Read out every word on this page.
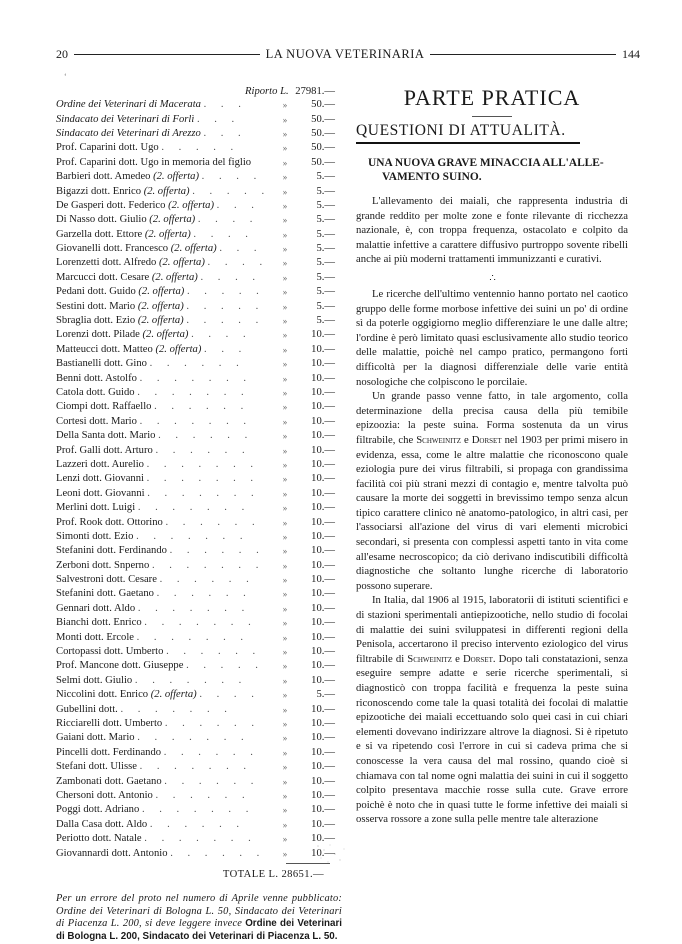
20	LA NUOVA VETERINARIA	144
‘
Riporto L. 27981.—
Ordine dei Veterinari di Macerata . . .	»	50.—
Sindacato dei Veterinari di Forlì . . .	»	50.—
Sindacato dei Veterinari di Arezzo . . .	»	50.—
Prof. Caparini dott. Ugo . . . . .	»	50.—
Prof. Caparini dott. Ugo in memoria del figlio	»	50.—
Barbieri dott. Amedeo (2. offerta) . . . .	»	5.—
Bigazzi dott. Enrico (2. offerta) . . . . .	»	5.—
De Gasperi dott. Federico (2. offerta) . . .	»	5.—
Di Nasso dott. Giulio (2. offerta) . . . .	»	5.—
Garzella dott. Ettore (2. offerta) . . . .	»	5.—
Giovanelli dott. Francesco (2. offerta) . . .	»	5.—
Lorenzetti dott. Alfredo (2. offerta) . . . .	»	5.—
Marcucci dott. Cesare (2. offerta) . . . .	»	5.—
Pedani dott. Guido (2. offerta) . . . . .	»	5.—
Sestini dott. Mario (2. offerta) . . . . .	»	5.—
Sbraglia dott. Ezio (2. offerta) . . . . .	»	5.—
Lorenzi dott. Pilade (2. offerta) . . . .	»	10.—
Matteucci dott. Matteo (2. offerta) . . .	»	10.—
Bastianelli dott. Gino . . . . . .	»	10.—
Benni dott. Astolfo . . . . . . .	»	10.—
Catola dott. Guido . . . . . . .	»	10.—
Ciompi dott. Raffaello . . . . . .	»	10.—
Cortesi dott. Mario . . . . . . .	»	10.—
Della Santa dott. Mario . . . . . .	»	10.—
Prof. Galli dott. Arturo . . . . . .	»	10.—
Lazzeri dott. Aurelio . . . . . . .	»	10.—
Lenzi dott. Giovanni . . . . . . .	»	10.—
Leoni dott. Giovanni . . . . . . .	»	10.—
Merlini dott. Luigi . . . . . . .	»	10.—
Prof. Rook dott. Ottorino . . . . . .	»	10.—
Simonti dott. Ezio . . . . . . .	»	10.—
Stefanini dott. Ferdinando . . . . . .	»	10.—
Zerboni dott. Snperno . . . . . . .	»	10.—
Salvestroni dott. Cesare . . . . . .	»	10.—
Stefanini dott. Gaetano . . . . . .	»	10.—
Gennari dott. Aldo . . . . . . .	»	10.—
Bianchi dott. Enrico . . . . . . .	»	10.—
Monti dott. Ercole . . . . . . .	»	10.—
Cortopassi dott. Umberto . . . . . .	»	10.—
Prof. Mancone dott. Giuseppe . . . . .	»	10.—
Selmi dott. Giulio . . . . . . .	»	10.—
Niccolini dott. Enrico (2. offerta) . . . .	»	5.—
Gubellini dott. . . . . . . .	»	10.—
Ricciarelli dott. Umberto . . . . . .	»	10.—
Gaiani dott. Mario . . . . . . .	»	10.—
Pincelli dott. Ferdinando . . . . . .	»	10.—
Stefani dott. Ulisse . . . . . . .	»	10.—
Zambonati dott. Gaetano . . . . . .	»	10.—
Chersoni dott. Antonio . . . . . .	»	10.—
Poggi dott. Adriano . . . . . . .	»	10.—
Dalla Casa dott. Aldo . . . . . .	»	10.—
Periotto dott. Natale . . . . . . .	»	10.—
Giovannardi dott. Antonio . . . . . .	»	10.—
TOTALE L. 28651.—
Per un errore del proto nel numero di Aprile venne pubblicato: Ordine dei Veterinari di Bologna L. 50, Sindacato dei Veterinari di Piacenza L. 200, si deve leggere invece Ordine dei Veterinari di Bologna L. 200, Sindacato dei Veterinari di Piacenza L. 50.
PARTE PRATICA
QUESTIONI DI ATTUALITÀ.
UNA NUOVA GRAVE MINACCIA ALL'ALLE-
VAMENTO SUINO.

L'allevamento dei maiali, che rappresenta industria di grande reddito per molte zone e fonte rilevante di ricchezza nazionale, è, con troppa frequenza, ostacolato e colpito da malattie infettive a carattere diffusivo purtroppo sovente ribelli anche ai più moderni trattamenti immunizzanti e curativi.

∴

Le ricerche dell'ultimo ventennio hanno portato nel caotico gruppo delle forme morbose infettive dei suini un po' di ordine sì da poterle oggigiorno meglio differenziare le une dalle altre; l'ordine è però limitato quasi esclusivamente allo studio teorico delle malattie, poichè nel campo pratico, permangono forti difficoltà per la diagnosi differenziale delle varie entità nosologiche che colpiscono le porcilaie.

Un grande passo venne fatto, in tale argomento, colla determinazione della precisa causa della più temibile epizoozia: la peste suina. Forma sostenuta da un virus filtrabile, che Schweinitz e Dorset nel 1903 per primi misero in evidenza, essa, come le altre malattie che riconoscono quale eziologia pure dei virus filtrabili, si propaga con grandissima facilità coi più strani mezzi di contagio e, mentre talvolta può causare la morte dei soggetti in brevissimo tempo senza alcun tipico carattere clinico nè anatomo-patologico, in altri casi, per l'associarsi all'azione del virus di vari elementi microbici secondari, si presenta con complessi aspetti tanto in vita come all'esame necroscopico; da ciò derivano indiscutibili difficoltà diagnostiche che soltanto lunghe ricerche di laboratorio possono superare.

In Italia, dal 1906 al 1915, laboratorii di istituti scientifici e di stazioni sperimentali antiepizootiche, nello studio di focolai di malattie dei suini sviluppatesi in differenti regioni della Penisola, accertarono il preciso intervento eziologico del virus filtrabile di Schweinitz e Dorset. Dopo tali constatazioni, senza eseguire sempre adatte e serie ricerche sperimentali, si diagnosticò con troppa facilità e frequenza la peste suina riconoscendo come tale la quasi totalità dei focolai di malattie epizootiche dei maiali eccettuando solo quei casi in cui chiari elementi dovevano indirizzare altrove la diagnosi. Si è ripetuto e si va ripetendo così l'errore in cui si cadeva prima che si conoscesse la vera causa del mal rossino, quando cioè si chiamava con tal nome ogni malattia dei suini in cui il soggetto colpito presentava macchie rosse sulla cute. Grave errore poichè è noto che in quasi tutte le forme infettive dei maiali si osserva rossore a zone sulla pelle mentre tale alterazione
